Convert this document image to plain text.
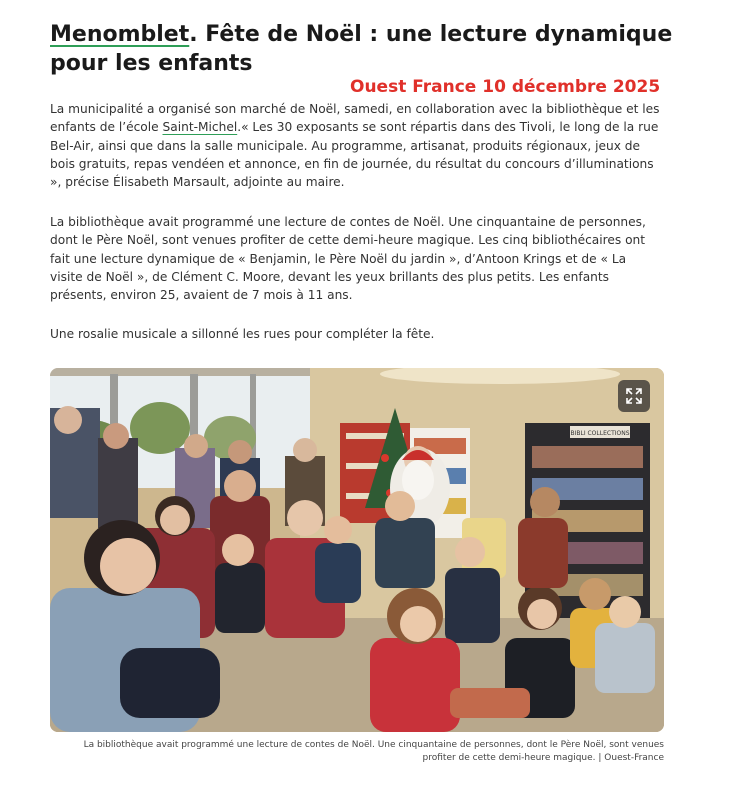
Menomblet. Fête de Noël : une lecture dynamique pour les enfants
Ouest France 10 décembre 2025

La municipalité a organisé son marché de Noël, samedi, en collaboration avec la bibliothèque et les enfants de l’école Saint-Michel.« Les 30 exposants se sont répartis dans des Tivoli, le long de la rue Bel-Air, ainsi que dans la salle municipale. Au programme, artisanat, produits régionaux, jeux de bois gratuits, repas vendéen et annonce, en fin de journée, du résultat du concours d’illuminations », précise Élisabeth Marsault, adjointe au maire.

La bibliothèque avait programmé une lecture de contes de Noël. Une cinquantaine de personnes, dont le Père Noël, sont venues profiter de cette demi-heure magique. Les cinq bibliothécaires ont fait une lecture dynamique de « Benjamin, le Père Noël du jardin », d’Antoon Krings et de « La visite de Noël », de Clément C. Moore, devant les yeux brillants des plus petits. Les enfants présents, environ 25, avaient de 7 mois à 11 ans.

Une rosalie musicale a sillonné les rues pour compléter la fête.

BIBLI COLLECTIONS

La bibliothèque avait programmé une lecture de contes de Noël. Une cinquantaine de personnes, dont le Père Noël, sont venues profiter de cette demi-heure magique. | Ouest-France
